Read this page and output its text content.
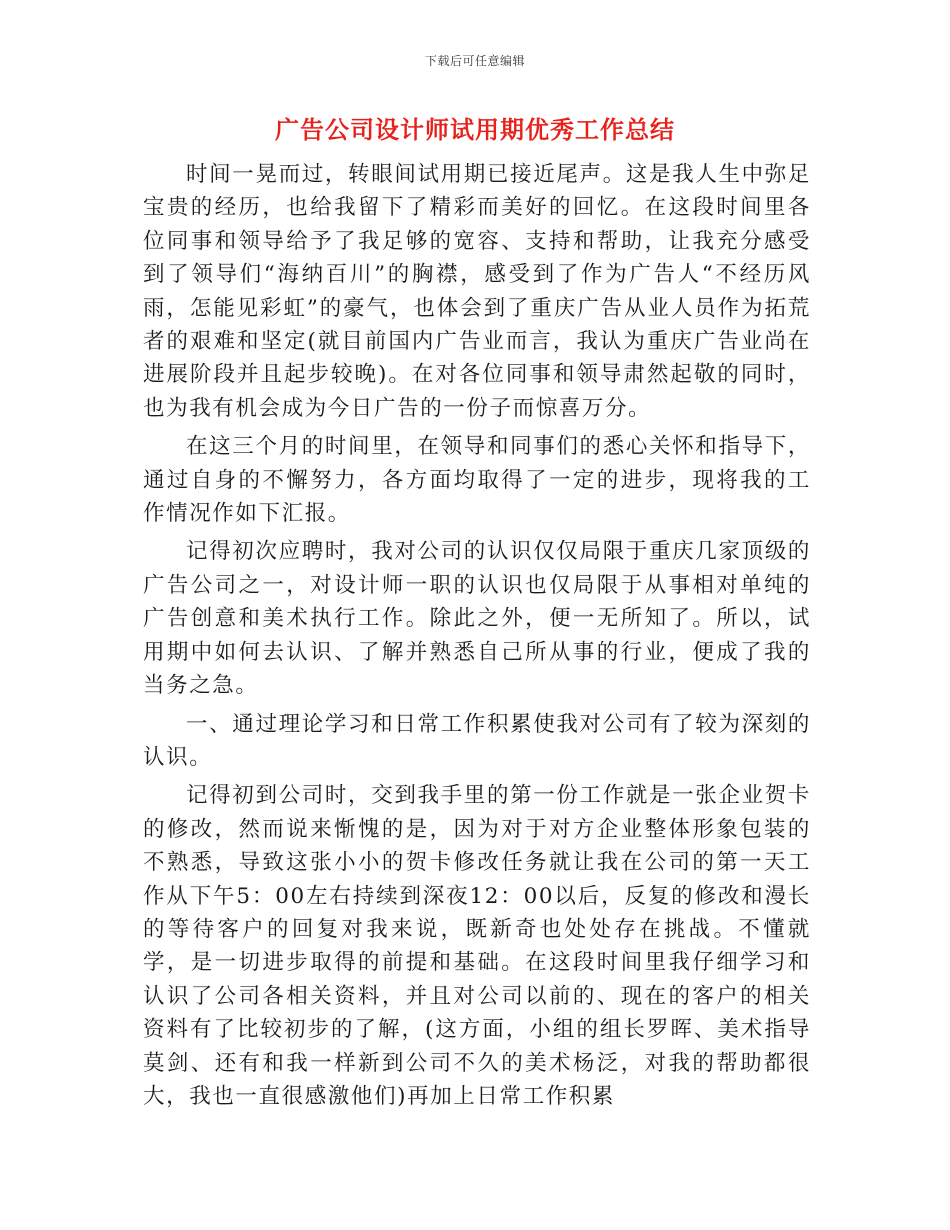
下载后可任意编辑
广告公司设计师试用期优秀工作总结

时间一晃而过，转眼间试用期已接近尾声。这是我人生中弥足宝贵的经历，也给我留下了精彩而美好的回忆。在这段时间里各位同事和领导给予了我足够的宽容、支持和帮助，让我充分感受到了领导们“海纳百川”的胸襟，感受到了作为广告人“不经历风雨，怎能见彩虹”的豪气，也体会到了重庆广告从业人员作为拓荒者的艰难和坚定(就目前国内广告业而言，我认为重庆广告业尚在进展阶段并且起步较晚)。在对各位同事和领导肃然起敬的同时，也为我有机会成为今日广告的一份子而惊喜万分。

在这三个月的时间里，在领导和同事们的悉心关怀和指导下，通过自身的不懈努力，各方面均取得了一定的进步，现将我的工作情况作如下汇报。

记得初次应聘时，我对公司的认识仅仅局限于重庆几家顶级的广告公司之一，对设计师一职的认识也仅局限于从事相对单纯的广告创意和美术执行工作。除此之外，便一无所知了。所以，试用期中如何去认识、了解并熟悉自己所从事的行业，便成了我的当务之急。

一、通过理论学习和日常工作积累使我对公司有了较为深刻的认识。

记得初到公司时，交到我手里的第一份工作就是一张企业贺卡的修改，然而说来惭愧的是，因为对于对方企业整体形象包装的不熟悉，导致这张小小的贺卡修改任务就让我在公司的第一天工作从下午5：00左右持续到深夜12：00以后，反复的修改和漫长的等待客户的回复对我来说，既新奇也处处存在挑战。不懂就学，是一切进步取得的前提和基础。在这段时间里我仔细学习和认识了公司各相关资料，并且对公司以前的、现在的客户的相关资料有了比较初步的了解，(这方面，小组的组长罗晖、美术指导莫剑、还有和我一样新到公司不久的美术杨泛，对我的帮助都很大，我也一直很感激他们)再加上日常工作积累
